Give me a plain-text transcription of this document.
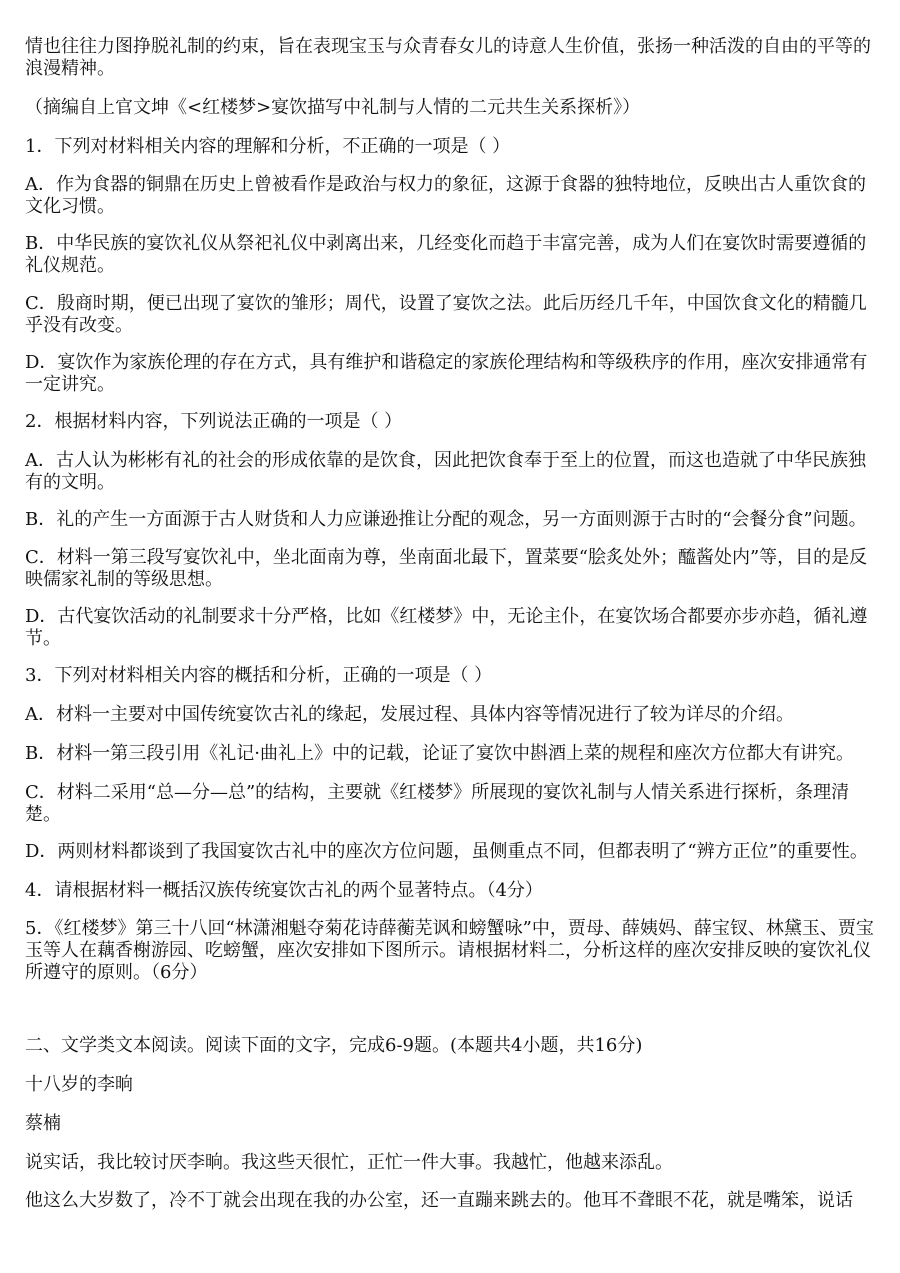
情也往往力图挣脱礼制的约束，旨在表现宝玉与众青春女儿的诗意人生价值，张扬一种活泼的自由的平等的浪漫精神。

（摘编自上官文坤《<红楼梦>宴饮描写中礼制与人情的二元共生关系探析》）

1．下列对材料相关内容的理解和分析，不正确的一项是（ ）

A．作为食器的铜鼎在历史上曾被看作是政治与权力的象征，这源于食器的独特地位，反映出古人重饮食的文化习惯。

B．中华民族的宴饮礼仪从祭祀礼仪中剥离出来，几经变化而趋于丰富完善，成为人们在宴饮时需要遵循的礼仪规范。

C．殷商时期，便已出现了宴饮的雏形；周代，设置了宴饮之法。此后历经几千年，中国饮食文化的精髓几乎没有改变。

D．宴饮作为家族伦理的存在方式，具有维护和谐稳定的家族伦理结构和等级秩序的作用，座次安排通常有一定讲究。

2．根据材料内容，下列说法正确的一项是（ ）

A．古人认为彬彬有礼的社会的形成依靠的是饮食，因此把饮食奉于至上的位置，而这也造就了中华民族独有的文明。

B．礼的产生一方面源于古人财货和人力应谦逊推让分配的观念，另一方面则源于古时的“会餐分食”问题。

C．材料一第三段写宴饮礼中，坐北面南为尊，坐南面北最下，置菜要“脍炙处外；醯酱处内”等，目的是反映儒家礼制的等级思想。

D．古代宴饮活动的礼制要求十分严格，比如《红楼梦》中，无论主仆，在宴饮场合都要亦步亦趋，循礼遵节。

3．下列对材料相关内容的概括和分析，正确的一项是（ ）

A．材料一主要对中国传统宴饮古礼的缘起，发展过程、具体内容等情况进行了较为详尽的介绍。

B．材料一第三段引用《礼记·曲礼上》中的记载，论证了宴饮中斟酒上菜的规程和座次方位都大有讲究。

C．材料二采用“总—分—总”的结构，主要就《红楼梦》所展现的宴饮礼制与人情关系进行探析，条理清楚。

D．两则材料都谈到了我国宴饮古礼中的座次方位问题，虽侧重点不同，但都表明了“辨方正位”的重要性。

4．请根据材料一概括汉族传统宴饮古礼的两个显著特点。（4分）

5．《红楼梦》第三十八回“林潇湘魁夺菊花诗薛蘅芜讽和螃蟹咏”中，贾母、薛姨妈、薛宝钗、林黛玉、贾宝玉等人在藕香榭游园、吃螃蟹，座次安排如下图所示。请根据材料二，分析这样的座次安排反映的宴饮礼仪所遵守的原则。（6分）

二、文学类文本阅读。阅读下面的文字，完成6-9题。(本题共4小题，共16分)

十八岁的李晌

蔡楠

说实话，我比较讨厌李晌。我这些天很忙，正忙一件大事。我越忙，他越来添乱。

他这么大岁数了，冷不丁就会出现在我的办公室，还一直蹦来跳去的。他耳不聋眼不花，就是嘴笨，说话
